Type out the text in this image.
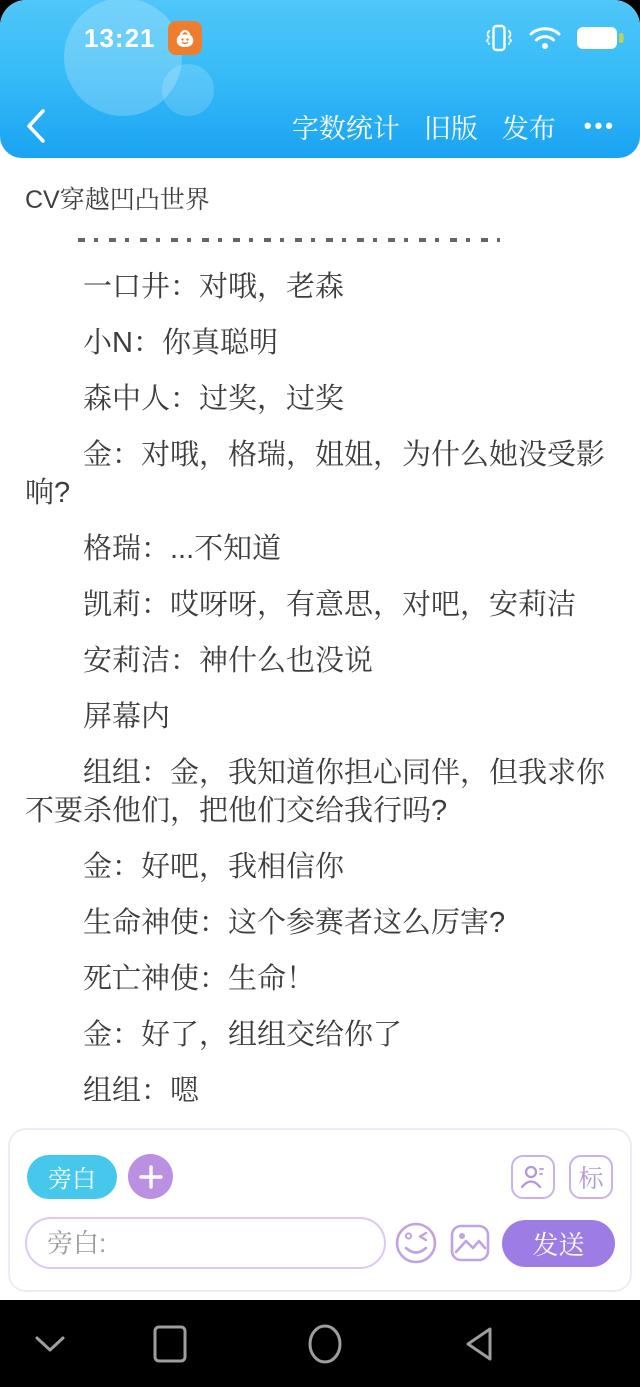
13:21
字数统计 旧版 发布 •••
CV穿越凹凸世界

一口井：对哦，老森

小N：你真聪明

森中人：过奖，过奖

金：对哦，格瑞，姐姐，为什么她没受影响?

格瑞：...不知道

凯莉：哎呀呀，有意思，对吧，安莉洁

安莉洁：神什么也没说

屏幕内

组组：金，我知道你担心同伴，但我求你不要杀他们，把他们交给我行吗?

金：好吧，我相信你

生命神使：这个参赛者这么厉害?

死亡神使：生命！

金：好了，组组交给你了

组组：嗯

旁白	标
旁白:
发送
